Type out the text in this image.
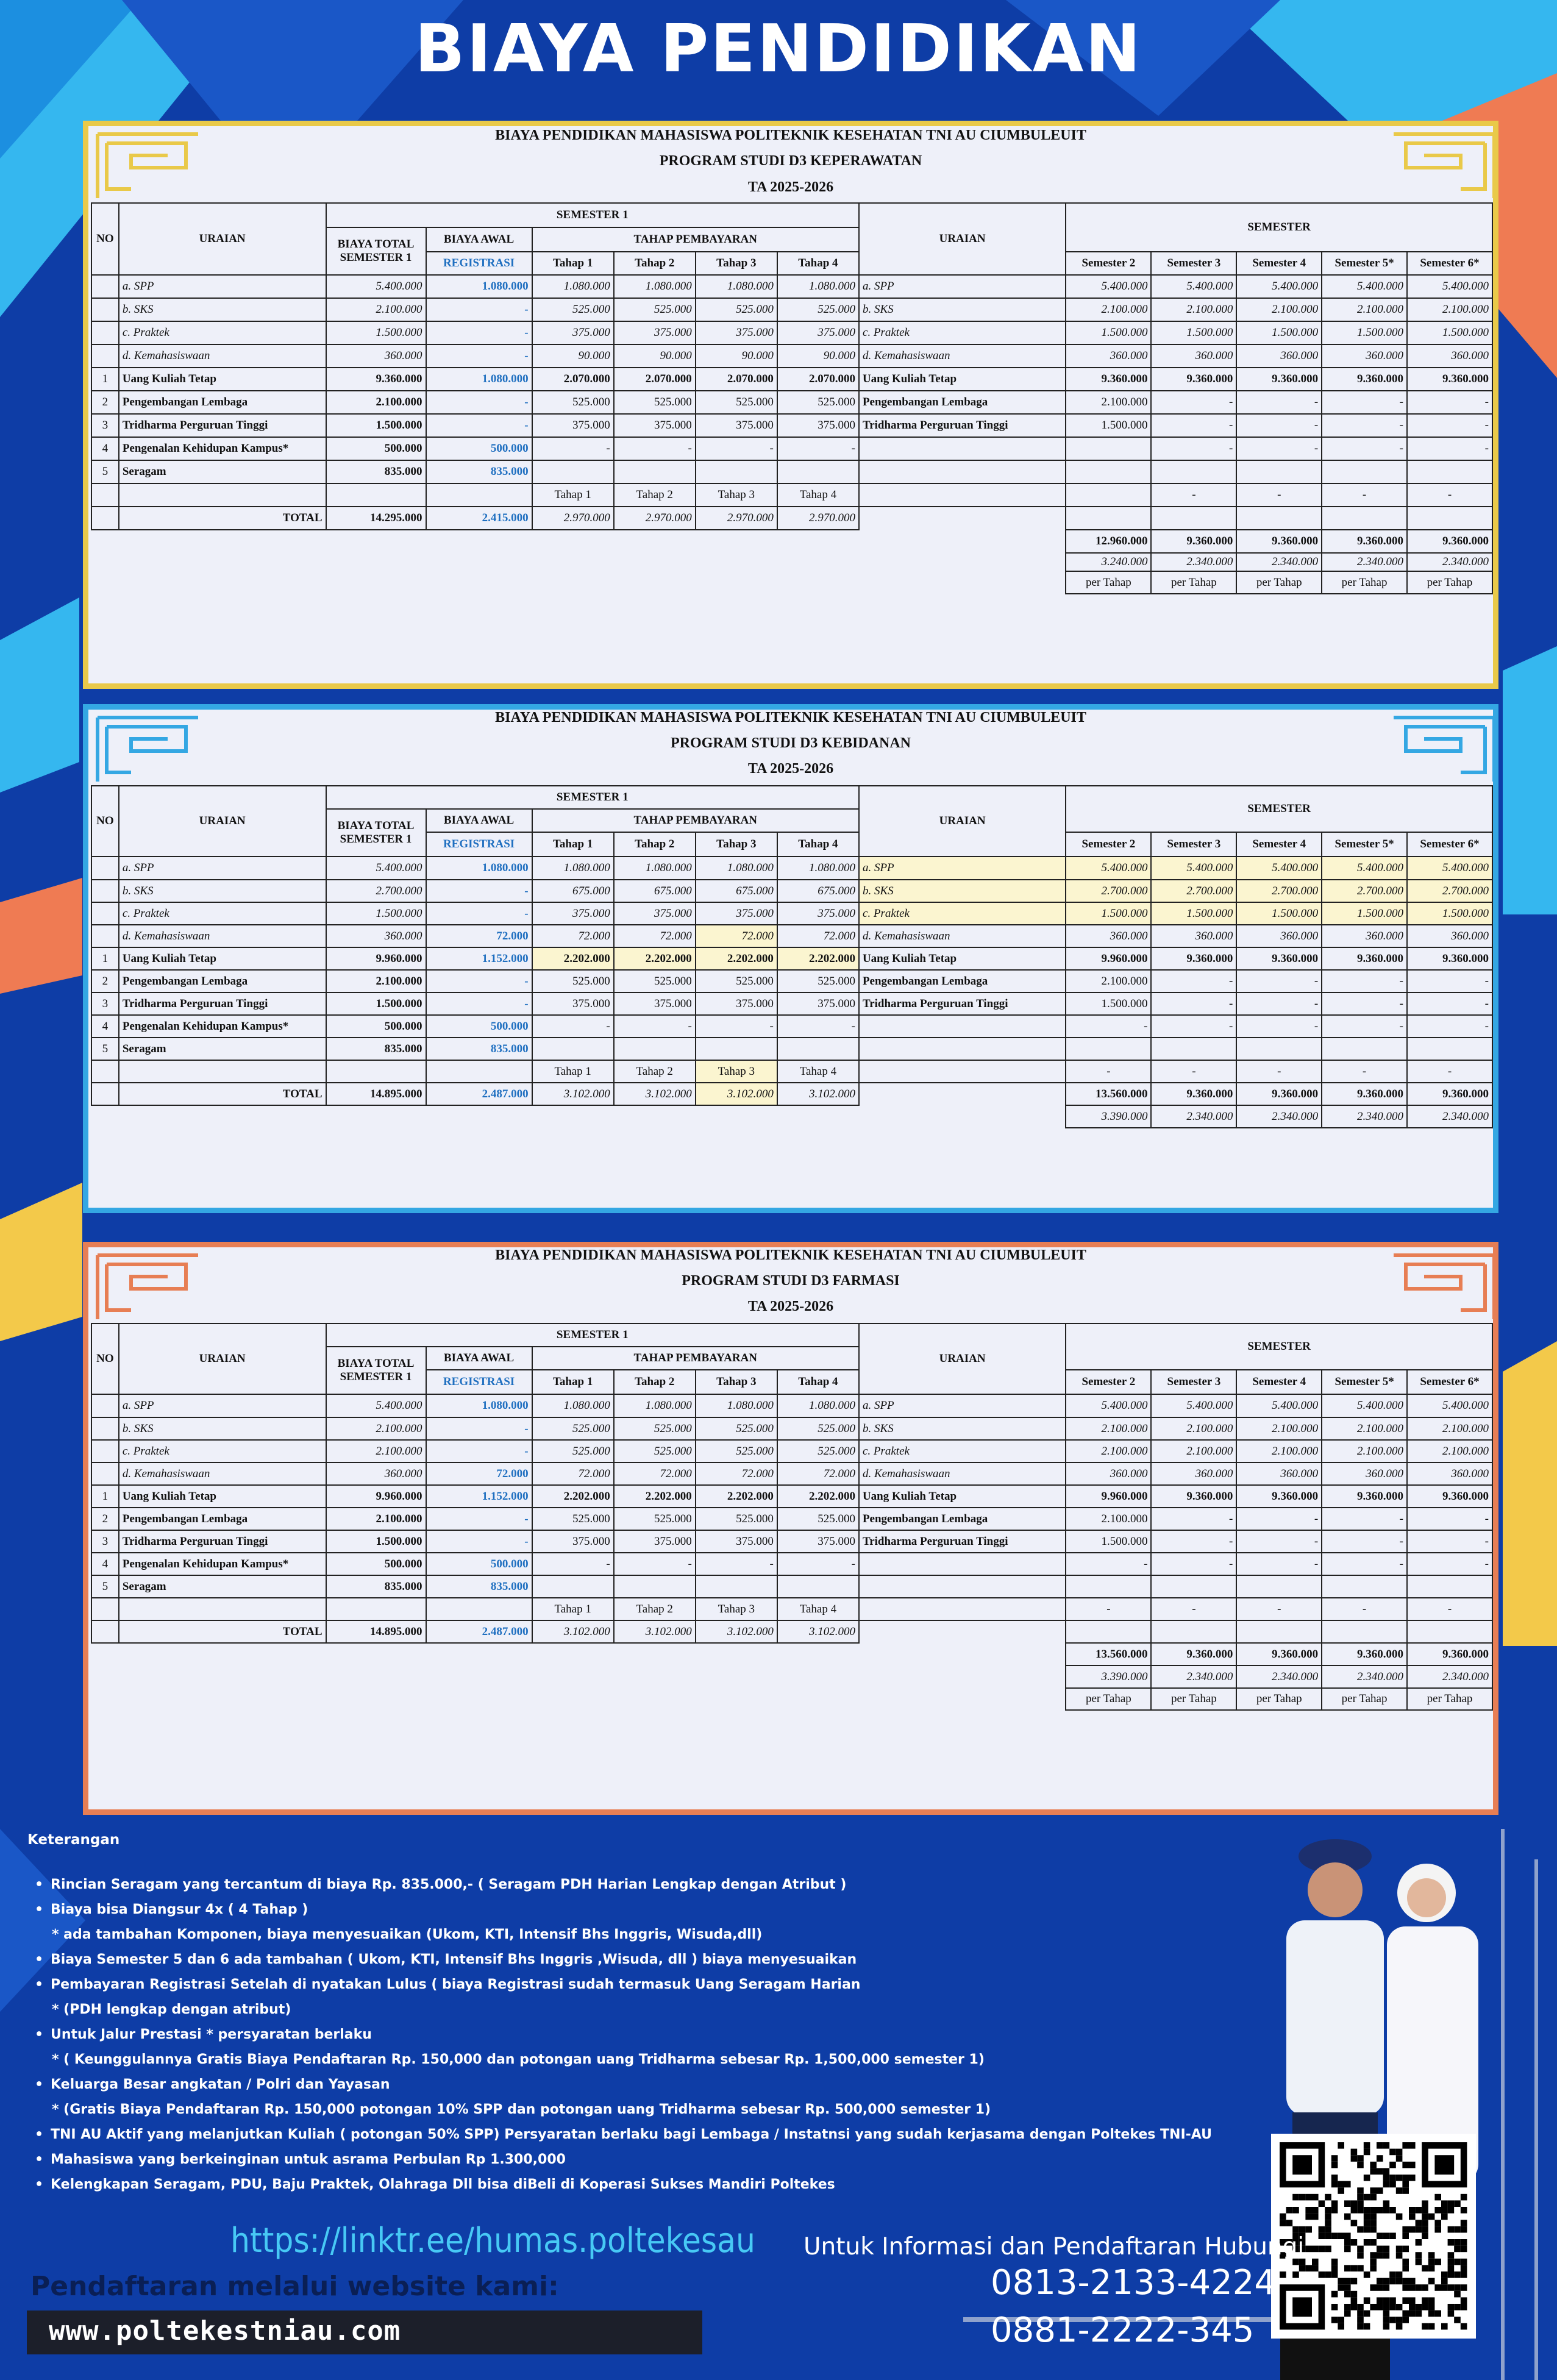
BIAYA PENDIDIKAN
BIAYA PENDIDIKAN MAHASISWA POLITEKNIK KESEHATAN TNI AU CIUMBULEUIT
PROGRAM STUDI D3 KEPERAWATAN
TA 2025-2026
NO	URAIAN	SEMESTER 1						URAIAN	SEMESTER				
		BIAYA TOTAL SEMESTER 1	BIAYA AWAL	TAHAP PEMBAYARAN									
			REGISTRASI	Tahap 1	Tahap 2	Tahap 3	Tahap 4		Semester 2	Semester 3	Semester 4	Semester 5*	Semester 6*
	a. SPP	5.400.000	1.080.000	1.080.000	1.080.000	1.080.000	1.080.000	a. SPP	5.400.000	5.400.000	5.400.000	5.400.000	5.400.000
	b. SKS	2.100.000	-	525.000	525.000	525.000	525.000	b. SKS	2.100.000	2.100.000	2.100.000	2.100.000	2.100.000
	c. Praktek	1.500.000	-	375.000	375.000	375.000	375.000	c. Praktek	1.500.000	1.500.000	1.500.000	1.500.000	1.500.000
	d. Kemahasiswaan	360.000	-	90.000	90.000	90.000	90.000	d. Kemahasiswaan	360.000	360.000	360.000	360.000	360.000
1	Uang Kuliah Tetap	9.360.000	1.080.000	2.070.000	2.070.000	2.070.000	2.070.000	Uang Kuliah Tetap	9.360.000	9.360.000	9.360.000	9.360.000	9.360.000
2	Pengembangan Lembaga	2.100.000	-	525.000	525.000	525.000	525.000	Pengembangan Lembaga	2.100.000	-	-	-	-
3	Tridharma Perguruan Tinggi	1.500.000	-	375.000	375.000	375.000	375.000	Tridharma Perguruan Tinggi	1.500.000	-	-	-	-
4	Pengenalan Kehidupan Kampus*	500.000	500.000	-	-	-	-			-	-	-	-
5	Seragam	835.000	835.000										
				Tahap 1	Tahap 2	Tahap 3	Tahap 4			-	-	-	-
	TOTAL	14.295.000	2.415.000	2.970.000	2.970.000	2.970.000	2.970.000						
									12.960.000	9.360.000	9.360.000	9.360.000	9.360.000
									3.240.000	2.340.000	2.340.000	2.340.000	2.340.000
									per Tahap	per Tahap	per Tahap	per Tahap	per Tahap
BIAYA PENDIDIKAN MAHASISWA POLITEKNIK KESEHATAN TNI AU CIUMBULEUIT
PROGRAM STUDI D3 KEBIDANAN
TA 2025-2026
NO	URAIAN	SEMESTER 1						URAIAN	SEMESTER				
		BIAYA TOTAL SEMESTER 1	BIAYA AWAL	TAHAP PEMBAYARAN									
			REGISTRASI	Tahap 1	Tahap 2	Tahap 3	Tahap 4		Semester 2	Semester 3	Semester 4	Semester 5*	Semester 6*
	a. SPP	5.400.000	1.080.000	1.080.000	1.080.000	1.080.000	1.080.000	a. SPP	5.400.000	5.400.000	5.400.000	5.400.000	5.400.000
	b. SKS	2.700.000	-	675.000	675.000	675.000	675.000	b. SKS	2.700.000	2.700.000	2.700.000	2.700.000	2.700.000
	c. Praktek	1.500.000	-	375.000	375.000	375.000	375.000	c. Praktek	1.500.000	1.500.000	1.500.000	1.500.000	1.500.000
	d. Kemahasiswaan	360.000	72.000	72.000	72.000	72.000	72.000	d. Kemahasiswaan	360.000	360.000	360.000	360.000	360.000
1	Uang Kuliah Tetap	9.960.000	1.152.000	2.202.000	2.202.000	2.202.000	2.202.000	Uang Kuliah Tetap	9.960.000	9.360.000	9.360.000	9.360.000	9.360.000
2	Pengembangan Lembaga	2.100.000	-	525.000	525.000	525.000	525.000	Pengembangan Lembaga	2.100.000	-	-	-	-
3	Tridharma Perguruan Tinggi	1.500.000	-	375.000	375.000	375.000	375.000	Tridharma Perguruan Tinggi	1.500.000	-	-	-	-
4	Pengenalan Kehidupan Kampus*	500.000	500.000	-	-	-	-		-	-	-	-	-
5	Seragam	835.000	835.000										
				Tahap 1	Tahap 2	Tahap 3	Tahap 4		-	-	-	-	-
	TOTAL	14.895.000	2.487.000	3.102.000	3.102.000	3.102.000	3.102.000		13.560.000	9.360.000	9.360.000	9.360.000	9.360.000
									3.390.000	2.340.000	2.340.000	2.340.000	2.340.000
BIAYA PENDIDIKAN MAHASISWA POLITEKNIK KESEHATAN TNI AU CIUMBULEUIT
PROGRAM STUDI D3 FARMASI
TA 2025-2026
NO	URAIAN	SEMESTER 1						URAIAN	SEMESTER				
		BIAYA TOTAL SEMESTER 1	BIAYA AWAL	TAHAP PEMBAYARAN									
			REGISTRASI	Tahap 1	Tahap 2	Tahap 3	Tahap 4		Semester 2	Semester 3	Semester 4	Semester 5*	Semester 6*
	a. SPP	5.400.000	1.080.000	1.080.000	1.080.000	1.080.000	1.080.000	a. SPP	5.400.000	5.400.000	5.400.000	5.400.000	5.400.000
	b. SKS	2.100.000	-	525.000	525.000	525.000	525.000	b. SKS	2.100.000	2.100.000	2.100.000	2.100.000	2.100.000
	c. Praktek	2.100.000	-	525.000	525.000	525.000	525.000	c. Praktek	2.100.000	2.100.000	2.100.000	2.100.000	2.100.000
	d. Kemahasiswaan	360.000	72.000	72.000	72.000	72.000	72.000	d. Kemahasiswaan	360.000	360.000	360.000	360.000	360.000
1	Uang Kuliah Tetap	9.960.000	1.152.000	2.202.000	2.202.000	2.202.000	2.202.000	Uang Kuliah Tetap	9.960.000	9.360.000	9.360.000	9.360.000	9.360.000
2	Pengembangan Lembaga	2.100.000	-	525.000	525.000	525.000	525.000	Pengembangan Lembaga	2.100.000	-	-	-	-
3	Tridharma Perguruan Tinggi	1.500.000	-	375.000	375.000	375.000	375.000	Tridharma Perguruan Tinggi	1.500.000	-	-	-	-
4	Pengenalan Kehidupan Kampus*	500.000	500.000	-	-	-	-		-	-	-	-	-
5	Seragam	835.000	835.000										
				Tahap 1	Tahap 2	Tahap 3	Tahap 4		-	-	-	-	-
	TOTAL	14.895.000	2.487.000	3.102.000	3.102.000	3.102.000	3.102.000						
									13.560.000	9.360.000	9.360.000	9.360.000	9.360.000
									3.390.000	2.340.000	2.340.000	2.340.000	2.340.000
									per Tahap	per Tahap	per Tahap	per Tahap	per Tahap
Keterangan
• Rincian Seragam yang tercantum di biaya Rp. 835.000,- ( Seragam PDH Harian Lengkap dengan Atribut )
• Biaya bisa Diangsur 4x ( 4 Tahap )
* ada tambahan Komponen, biaya menyesuaikan (Ukom, KTI, Intensif Bhs Inggris, Wisuda,dll)
• Biaya Semester 5 dan 6 ada tambahan ( Ukom, KTI, Intensif Bhs Inggris ,Wisuda, dll ) biaya menyesuaikan
• Pembayaran Registrasi Setelah di nyatakan Lulus ( biaya Registrasi sudah termasuk Uang Seragam Harian
* (PDH lengkap dengan atribut)
• Untuk Jalur Prestasi * persyaratan berlaku
* ( Keunggulannya Gratis Biaya Pendaftaran Rp. 150,000 dan potongan uang Tridharma sebesar Rp. 1,500,000 semester 1)
• Keluarga Besar angkatan / Polri dan Yayasan
* (Gratis Biaya Pendaftaran Rp. 150,000 potongan 10% SPP dan potongan uang Tridharma sebesar Rp. 500,000 semester 1)
• TNI AU Aktif yang melanjutkan Kuliah ( potongan 50% SPP) Persyaratan berlaku bagi Lembaga / Instatnsi yang sudah kerjasama dengan Poltekes TNI-AU
• Mahasiswa yang berkeinginan untuk asrama Perbulan Rp 1.300,000
• Kelengkapan Seragam, PDU, Baju Praktek, Olahraga Dll bisa diBeli di Koperasi Sukses Mandiri Poltekes
https://linktr.ee/humas.poltekesau
Pendaftaran melalui website kami:
www.poltekestniau.com
Untuk Informasi dan Pendaftaran Hubungi
0813-2133-4224
0881-2222-345
